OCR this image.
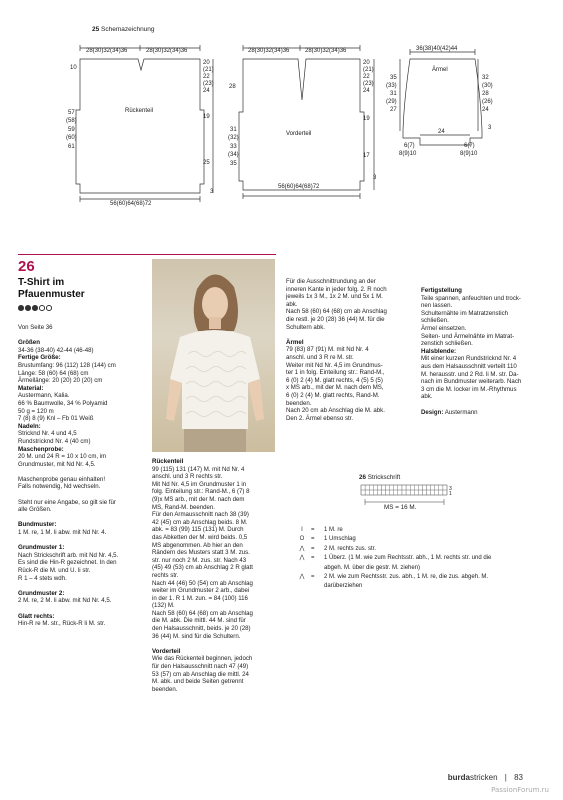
25 Schemazeichnung
28(30)32(34)36	28(30)32(34)36
10
20
(21)
22
(23)
24
57
(58)
59
(60)
61
Rückenteil
19
25
3
56(60)64(68)72
28(30)32(34)36	28(30)32(34)36
28
20
(21)
22
(23)
24
19
31
(32)
33
(34)
35
Vorderteil
17
3
56(60)64(68)72
36(38)40(42)44
Ärmel
35
(33)
31
(29)
27
32
(30)
28
(26)
24
3
24
6(7)
8(9)10
6(7)
8(9)10
26
T-Shirt im
Pfauenmuster

Von Seite 36

Größen
34-36 (38-40) 42-44 (46-48)
Fertige Größe:
Brustumfang: 96 (112) 128 (144) cm
Länge: 58 (60) 64 (68) cm
Ärmellänge: 20 (20) 20 (20) cm
Material:
Austermann, Kalia.
66 % Baumwolle, 34 % Polyamid
50 g = 120 m
7 (8) 8 (9) Knl – Fb 01 Weiß
Nadeln:
Stricknd Nr. 4 und 4,5
Rundstricknd Nr. 4 (40 cm)
Maschenprobe:
20 M. und 24 R = 10 x 10 cm, im

Grundmuster, mit Nd Nr. 4,5.

Maschenprobe genau einhalten!

Falls notwendig, Nd wechseln.

Steht nur eine Angabe, so gilt sie für

alle Größen.

Bundmuster:

1 M. re, 1 M. li abw. mit Nd Nr. 4.

Grundmuster 1:
Nach Strickschrift arb. mit Nd Nr. 4,5.
Es sind die Hin-R gezeichnet. In den
Rück-R die M. und U. li str.

R 1 – 4 stets wdh.

Grundmuster 2:

2 M. re, 2 M. li abw. mit Nd Nr. 4,5.

Glatt rechts:
Hin-R re M. str., Rück-R li M. str.
Rückenteil
99 (115) 131 (147) M. mit Nd Nr. 4
anschl. und 3 R rechts str.
Mit Nd Nr. 4,5 im Grundmuster 1 in
folg. Einteilung str.: Rand-M., 6 (7) 8
(9)x MS arb., mit der M. nach dem
MS, Rand-M. beenden.
Für den Armausschnitt nach 38 (39)
42 (45) cm ab Anschlag beids. 8 M.
abk. = 83 (99) 115 (131) M. Durch
das Abketten der M. wird beids. 0,5
MS abgenommen. Ab hier an den
Rändern des Musters statt 3 M. zus.
str. nur noch 2 M. zus. str. Nach 43
(45) 49 (53) cm ab Anschlag 2 R glatt
rechts str.
Nach 44 (46) 50 (54) cm ab Anschlag
weiter im Grundmuster 2 arb., dabei
in der 1. R 1 M. zun. = 84 (100) 116
(132) M.
Nach 58 (60) 64 (68) cm ab Anschlag
die M. abk. Die mittl. 44 M. sind für
den Halsausschnitt, beids. je 20 (28)

36 (44) M. sind für die Schultern.

Vorderteil
Wie das Rückenteil beginnen, jedoch
für den Halsausschnitt nach 47 (49)
53 (57) cm ab Anschlag die mittl. 24
M. abk. und beide Seiten getrennt
beenden.
Für die Ausschnittrundung an der
inneren Kante in jeder folg. 2. R noch
jeweils 1x 3 M., 1x 2 M. und 5x 1 M.
abk.
Nach 58 (60) 64 (68) cm ab Anschlag
die restl. je 20 (28) 36 (44) M. für die

Schultern abk.

Ärmel
79 (83) 87 (91) M. mit Nd Nr. 4
anschl. und 3 R re M. str.
Weiter mit Nd Nr. 4,5 im Grundmus-
ter 1 in folg. Einteilung str.: Rand-M.,
6 (0) 2 (4) M. glatt rechts, 4 (5) 5 (5)
x MS arb., mit der M. nach dem MS,
6 (0) 2 (4) M. glatt rechts, Rand-M.
beenden.
Nach 20 cm ab Anschlag die M. abk.
Den 2. Ärmel ebenso str.
Fertigstellung
Teile spannen, anfeuchten und trock-
nen lassen.
Schulternähte im Matratzenstich
schließen.
Ärmel einsetzen.
Seiten- und Ärmelnähte im Matrat-
zenstich schließen.
Halsblende:
Mit einer kurzen Rundstricknd Nr. 4
aus dem Halsausschnitt verteilt 110
M. herausstr. und 2 Rd. li M. str. Da-
nach im Bundmuster weiterarb. Nach
3 cm die M. locker im M.-Rhythmus

abk.

Design: Austermann
26 Strickschrift
3
1
MS = 16 M.
I	= 1 M. re
O	= 1 Umschlag
⋀	= 2 M. rechts zus. str.
⋀	= 1 Überz. (1 M. wie zum Rechtsstr. abh., 1 M. rechts str. und die
abgeh. M. über die gestr. M. ziehen)
⋀	= 2 M. wie zum Rechtsstr. zus. abh., 1 M. re, die zus. abgeh. M.
darüberziehen
burdastricken | 83
PassionForum.ru
